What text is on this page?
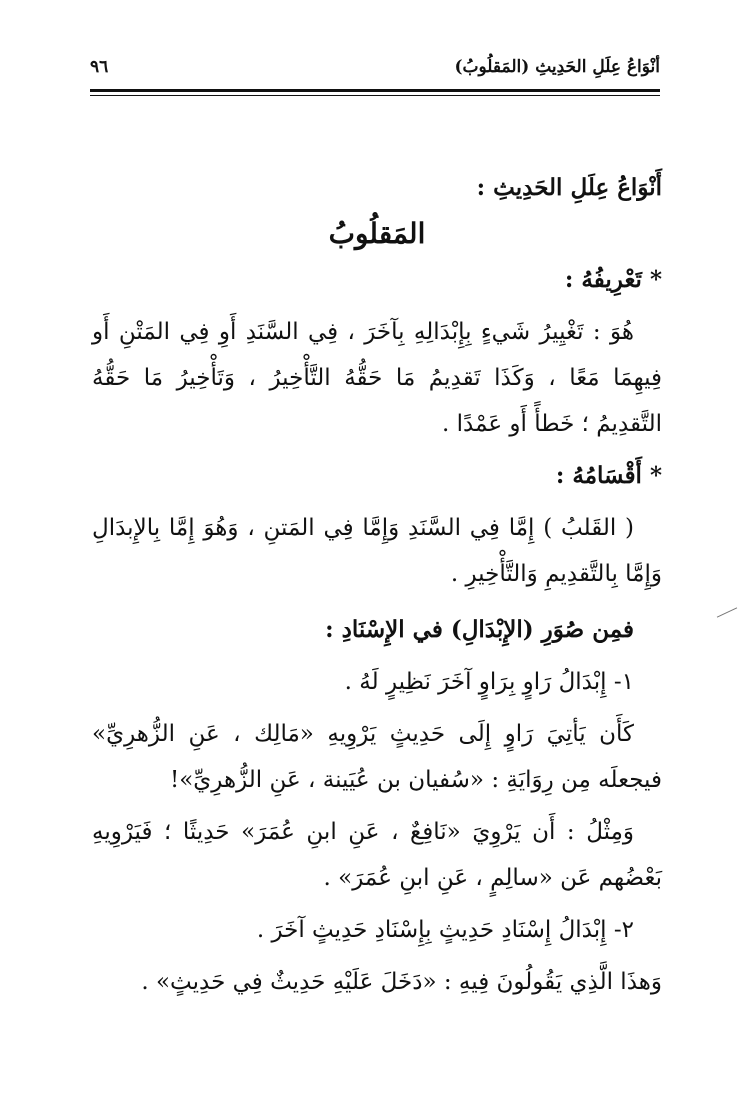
أنْوَاعُ عِلَلِ الحَدِيثِ (المَقلُوبُ)
٩٦

أَنْوَاعُ عِلَلِ الحَدِيثِ :

المَقلُوبُ

* تَعْرِيفُهُ :

هُوَ : تَغْيِيرُ شَيءٍ بِإِبْدَالِهِ بِآخَرَ ، فِي السَّنَدِ أَوِ فِي المَتْنِ أَو فِيهِمَا مَعًا ، وَكَذَا تَقدِيمُ مَا حَقُّهُ التَّأْخِيرُ ، وَتَأْخِيرُ مَا حَقُّهُ التَّقدِيمُ ؛ خَطأً أَو عَمْدًا .

* أَقْسَامُهُ :

( القَلبُ ) إِمَّا فِي السَّنَدِ وَإِمَّا فِي المَتنِ ، وَهُوَ إِمَّا بِالإِبدَالِ وَإِمَّا بِالتَّقدِيمِ وَالتَّأْخِيرِ .

فمِن صُوَرِ (الإِبْدَالِ) في الإِسْنَادِ :

١- إِبْدَالُ رَاوٍ بِرَاوٍ آخَرَ نَظِيرٍ لَهُ .

كَأَن يَأتِيَ رَاوٍ إِلَى حَدِيثٍ يَرْوِيهِ «مَالِك ، عَنِ الزُّهرِيِّ» فيجعلَه مِن رِوَايَةِ : «سُفيان بن عُيَينة ، عَنِ الزُّهرِيِّ»!

وَمِثْلُ : أَن يَرْوِيَ «نَافِعٌ ، عَنِ ابنِ عُمَرَ» حَدِيثًا ؛ فَيَرْوِيهِ بَعْضُهم عَن «سالِمٍ ، عَنِ ابنِ عُمَرَ» .

٢- إِبْدَالُ إِسْنَادِ حَدِيثٍ بِإِسْنَادِ حَدِيثٍ آخَرَ .

وَهذَا الَّذِي يَقُولُونَ فِيهِ : «دَخَلَ عَلَيْهِ حَدِيثٌ فِي حَدِيثٍ» .
